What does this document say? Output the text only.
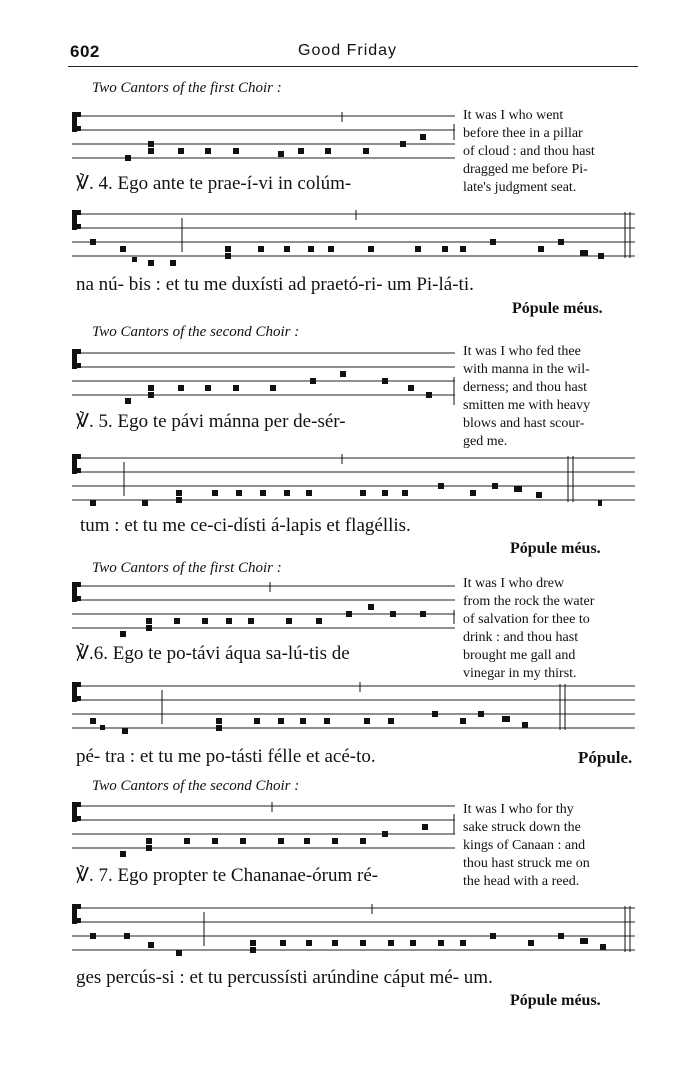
602	Good Friday
Two Cantors of the first Choir :
℣. 4. Ego ante te prae-í-vi in colúm-
It was I who went
before thee in a pillar
of cloud : and thou hast
dragged me before Pi-
late's judgment seat.
na nú- bis : et tu me duxísti ad praetó-ri- um Pi-lá-ti.
Pópule méus.
Two Cantors of the second Choir :
℣. 5. Ego te pávi mánna per de-sér-
It was I who fed thee
with manna in the wil-
derness; and thou hast
smitten me with heavy
blows and hast scour-
ged me.
tum : et tu me ce-ci-dísti á-lapis et flagéllis.
Pópule méus.
Two Cantors of the first Choir :
℣.6. Ego te po-távi áqua sa-lú-tis de
It was I who drew
from the rock the water
of salvation for thee to
drink : and thou hast
brought me gall and
vinegar in my thirst.
pé- tra : et tu me po-tásti félle et acé-to.	Pópule.
Two Cantors of the second Choir :
℣. 7. Ego propter te Chananae-órum ré-
It was I who for thy
sake struck down the
kings of Canaan : and
thou hast struck me on
the head with a reed.
ges percús-si : et tu percussísti arúndine cáput mé- um.
Pópule méus.
